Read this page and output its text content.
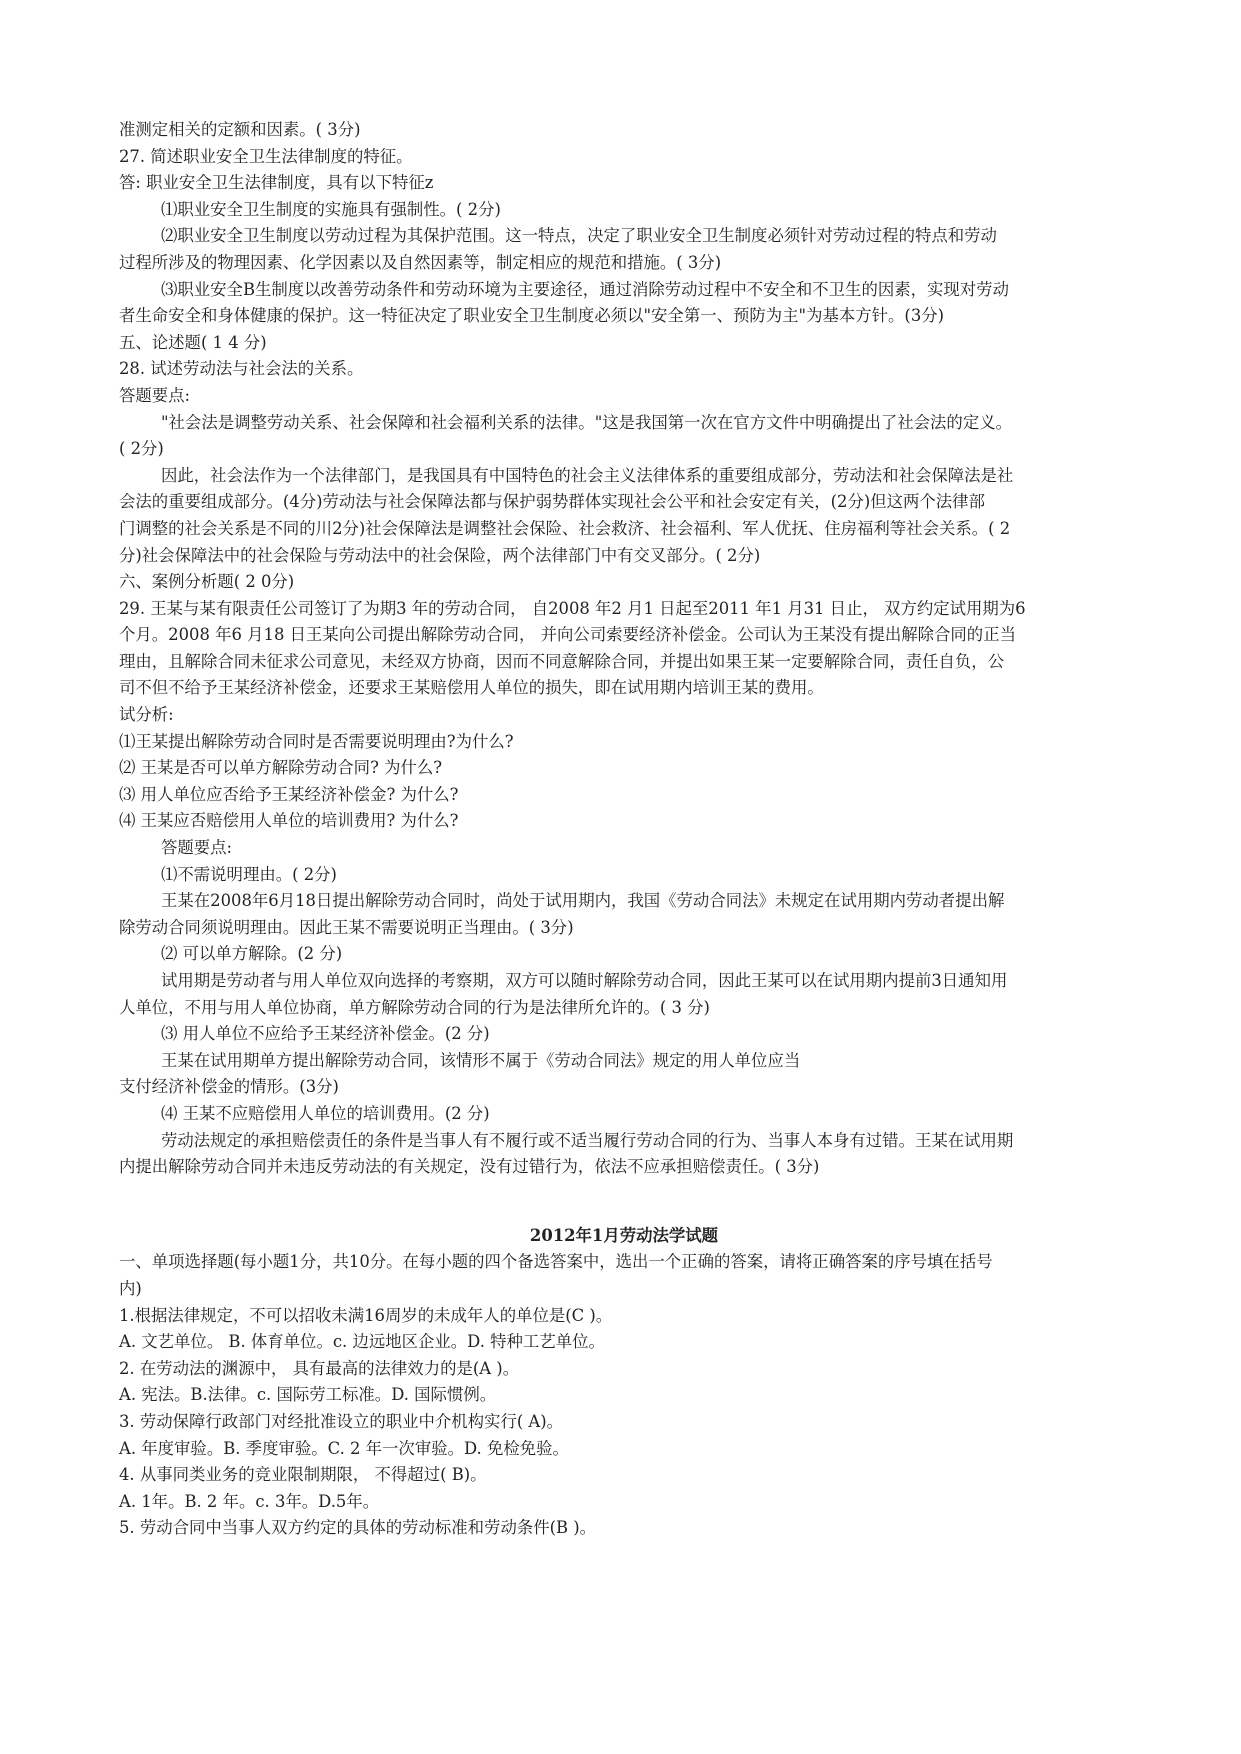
准测定相关的定额和因素。( 3分)
27. 简述职业安全卫生法律制度的特征。
答: 职业安全卫生法律制度，具有以下特征z
⑴职业安全卫生制度的实施具有强制性。( 2分)
⑵职业安全卫生制度以劳动过程为其保护范围。这一特点，决定了职业安全卫生制度必须针对劳动过程的特点和劳动
过程所涉及的物理因素、化学因素以及自然因素等，制定相应的规范和措施。( 3分)
⑶职业安全B生制度以改善劳动条件和劳动环境为主要途径，通过消除劳动过程中不安全和不卫生的因素，实现对劳动
者生命安全和身体健康的保护。这一特征决定了职业安全卫生制度必须以"安全第一、预防为主"为基本方针。(3分)
五、论述题( 1 4 分)
28. 试述劳动法与社会法的关系。
答题要点:
"社会法是调整劳动关系、社会保障和社会福利关系的法律。"这是我国第一次在官方文件中明确提出了社会法的定义。
( 2分)
因此，社会法作为一个法律部门，是我国具有中国特色的社会主义法律体系的重要组成部分，劳动法和社会保障法是社
会法的重要组成部分。(4分)劳动法与社会保障法都与保护弱势群体实现社会公平和社会安定有关，(2分)但这两个法律部
门调整的社会关系是不同的川2分)社会保障法是调整社会保险、社会救济、社会福利、军人优抚、住房福利等社会关系。( 2
分)社会保障法中的社会保险与劳动法中的社会保险，两个法律部门中有交叉部分。( 2分)
六、案例分析题( 2 0分)
29. 王某与某有限责任公司签订了为期3 年的劳动合同， 自2008 年2 月1 日起至2011 年1 月31 日止， 双方约定试用期为6
个月。2008 年6 月18 日王某向公司提出解除劳动合同， 并向公司索要经济补偿金。公司认为王某没有提出解除合同的正当
理由，且解除合同未征求公司意见，未经双方协商，因而不同意解除合同，并提出如果王某一定要解除合同，责任自负，公
司不但不给予王某经济补偿金，还要求王某赔偿用人单位的损失，即在试用期内培训王某的费用。
试分析:
⑴王某提出解除劳动合同时是否需要说明理由?为什么?
⑵ 王某是否可以单方解除劳动合同? 为什么?
⑶ 用人单位应否给予王某经济补偿金? 为什么?
⑷ 王某应否赔偿用人单位的培训费用? 为什么?
答题要点:
⑴不需说明理由。( 2分)
王某在2008年6月18日提出解除劳动合同时，尚处于试用期内，我国《劳动合同法》未规定在试用期内劳动者提出解
除劳动合同须说明理由。因此王某不需要说明正当理由。( 3分)
⑵ 可以单方解除。(2 分)
试用期是劳动者与用人单位双向选择的考察期，双方可以随时解除劳动合同，因此王某可以在试用期内提前3日通知用
人单位，不用与用人单位协商，单方解除劳动合同的行为是法律所允许的。( 3 分)
⑶ 用人单位不应给予王某经济补偿金。(2 分)
王某在试用期单方提出解除劳动合同，该情形不属于《劳动合同法》规定的用人单位应当
支付经济补偿金的情形。(3分)
⑷ 王某不应赔偿用人单位的培训费用。(2 分)
劳动法规定的承担赔偿责任的条件是当事人有不履行或不适当履行劳动合同的行为、当事人本身有过错。王某在试用期
内提出解除劳动合同并未违反劳动法的有关规定，没有过错行为，依法不应承担赔偿责任。( 3分)
2012年1月劳动法学试题
一、单项选择题(每小题1分，共10分。在每小题的四个备选答案中，选出一个正确的答案，请将正确答案的序号填在括号
内)
1.根据法律规定，不可以招收未满16周岁的未成年人的单位是(C )。
A. 文艺单位。 B. 体育单位。c. 边远地区企业。D. 特种工艺单位。
2. 在劳动法的渊源中， 具有最高的法律效力的是(A )。
A. 宪法。B.法律。c. 国际劳工标准。D. 国际惯例。
3. 劳动保障行政部门对经批准设立的职业中介机构实行( A)。
A. 年度审验。B. 季度审验。C. 2 年一次审验。D. 免检免验。
4. 从事同类业务的竞业限制期限， 不得超过( B)。
A. 1年。B. 2 年。c. 3年。D.5年。
5. 劳动合同中当事人双方约定的具体的劳动标准和劳动条件(B )。
